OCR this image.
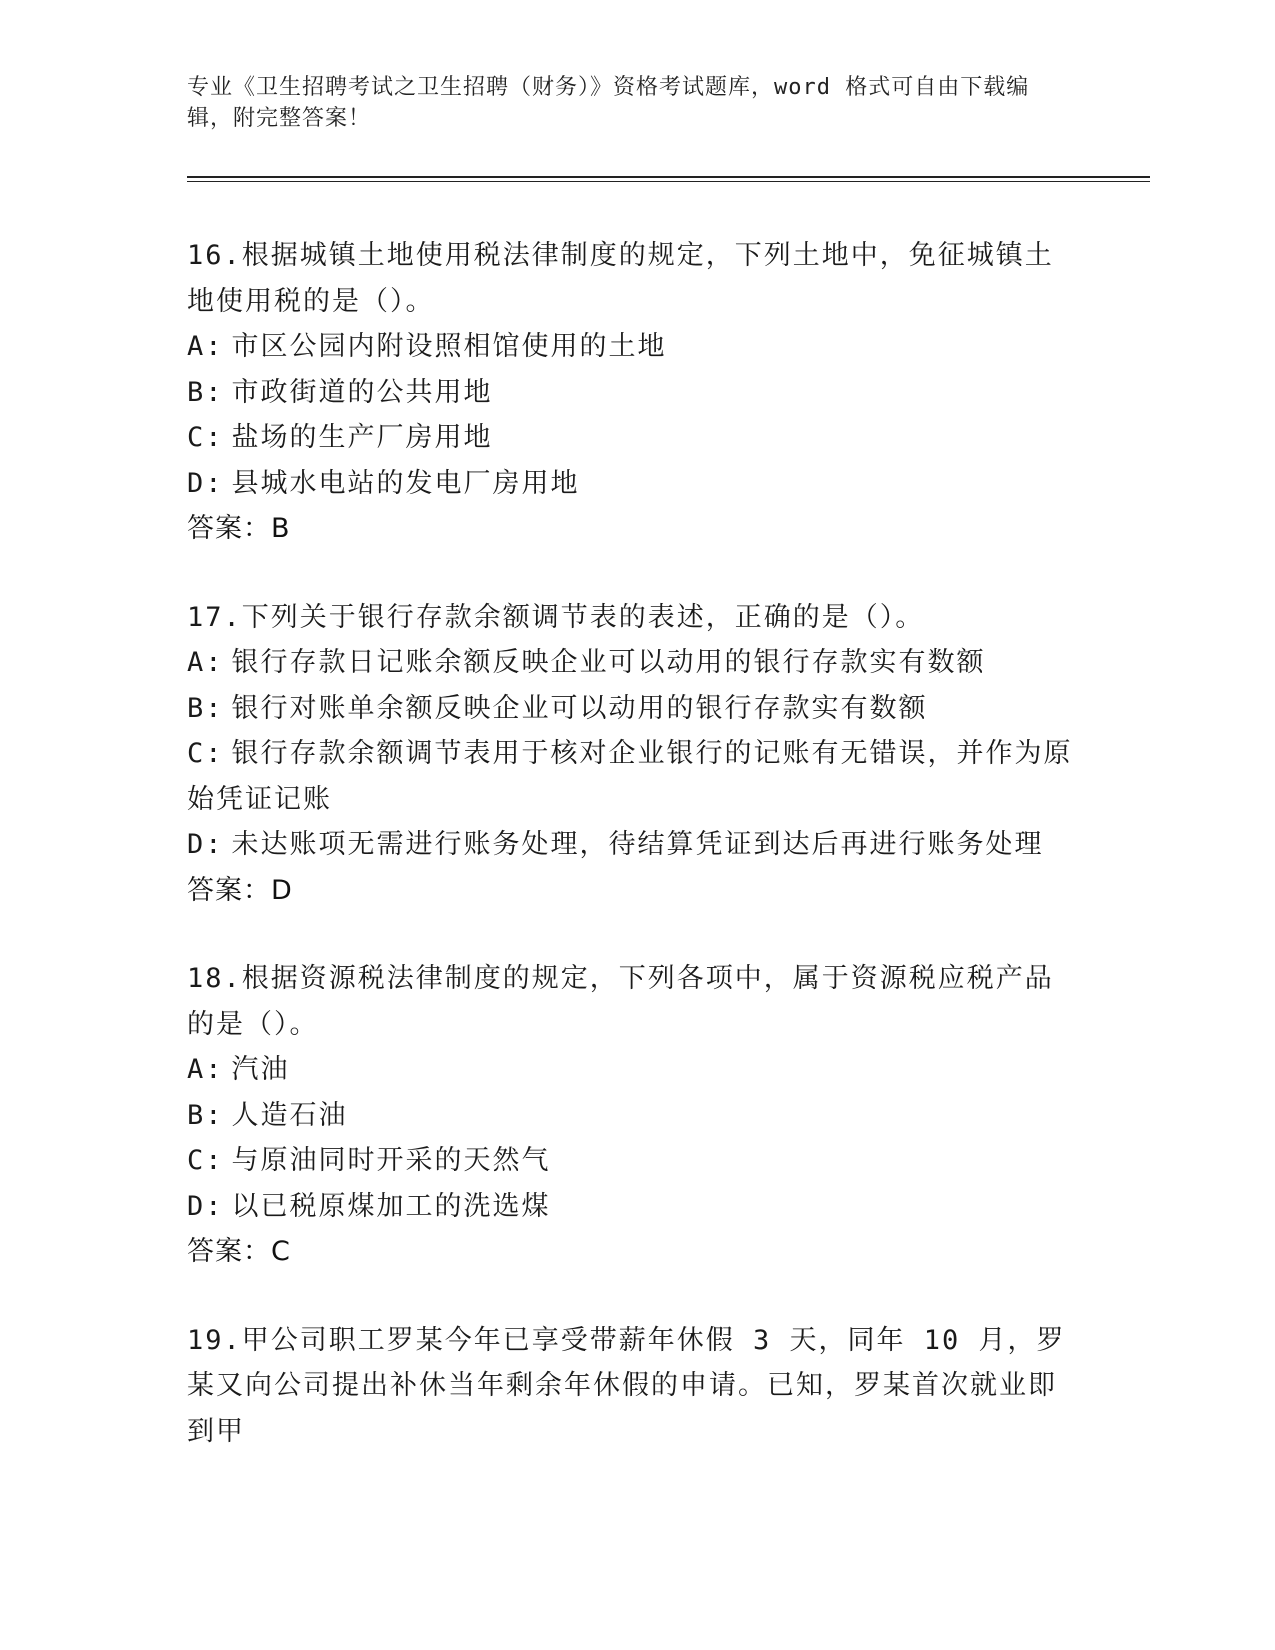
专业《卫生招聘考试之卫生招聘（财务）》资格考试题库，word 格式可自由下载编辑，附完整答案！

16.根据城镇土地使用税法律制度的规定，下列土地中，免征城镇土地使用税的是（）。

A: 市区公园内附设照相馆使用的土地

B: 市政街道的公共用地

C: 盐场的生产厂房用地

D: 县城水电站的发电厂房用地

答案：B

17.下列关于银行存款余额调节表的表述，正确的是（）。

A: 银行存款日记账余额反映企业可以动用的银行存款实有数额

B: 银行对账单余额反映企业可以动用的银行存款实有数额

C: 银行存款余额调节表用于核对企业银行的记账有无错误，并作为原始凭证记账

D: 未达账项无需进行账务处理，待结算凭证到达后再进行账务处理

答案：D

18.根据资源税法律制度的规定，下列各项中，属于资源税应税产品的是（）。

A: 汽油

B: 人造石油

C: 与原油同时开采的天然气

D: 以已税原煤加工的洗选煤

答案：C

19.甲公司职工罗某今年已享受带薪年休假 3 天，同年 10 月，罗某又向公司提出补休当年剩余年休假的申请。已知，罗某首次就业即到甲
